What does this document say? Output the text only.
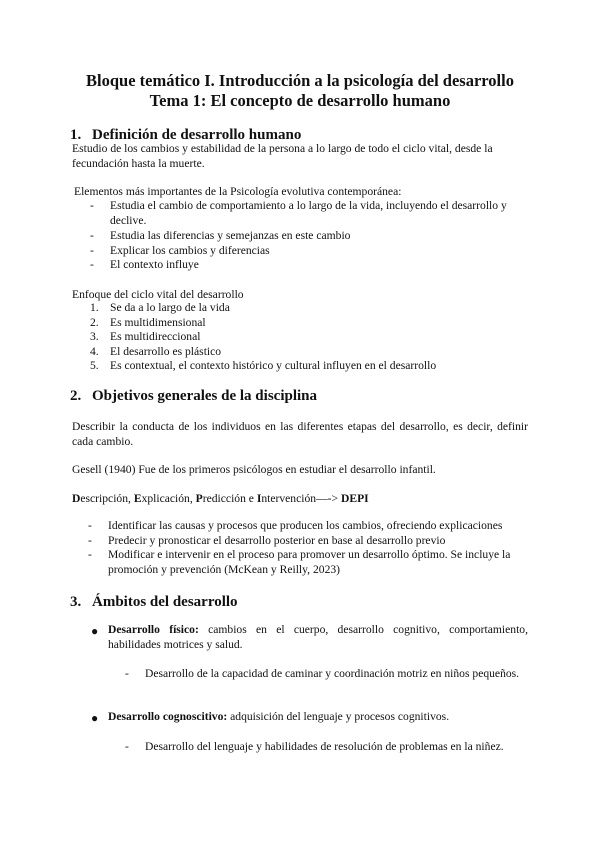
Bloque temático I. Introducción a la psicología del desarrollo
Tema 1: El concepto de desarrollo humano
1. Definición de desarrollo humano
Estudio de los cambios y estabilidad de la persona a lo largo de todo el ciclo vital, desde la
fecundación hasta la muerte.
Elementos más importantes de la Psicología evolutiva contemporánea:
- Estudia el cambio de comportamiento a lo largo de la vida, incluyendo el desarrollo y declive.
- Estudia las diferencias y semejanzas en este cambio
- Explicar los cambios y diferencias
- El contexto influye
Enfoque del ciclo vital del desarrollo
1. Se da a lo largo de la vida
2. Es multidimensional
3. Es multidireccional
4. El desarrollo es plástico
5. Es contextual, el contexto histórico y cultural influyen en el desarrollo
2. Objetivos generales de la disciplina
Describir la conducta de los individuos en las diferentes etapas del desarrollo, es decir, definir cada cambio.
Gesell (1940) Fue de los primeros psicólogos en estudiar el desarrollo infantil.
Descripción, Explicación, Predicción e Intervención—-> DEPI
- Identificar las causas y procesos que producen los cambios, ofreciendo explicaciones
- Predecir y pronosticar el desarrollo posterior en base al desarrollo previo
- Modificar e intervenir en el proceso para promover un desarrollo óptimo. Se incluye la promoción y prevención (McKean y Reilly, 2023)
3. Ámbitos del desarrollo
● Desarrollo físico: cambios en el cuerpo, desarrollo cognitivo, comportamiento, habilidades motrices y salud.
- Desarrollo de la capacidad de caminar y coordinación motriz en niños pequeños.
● Desarrollo cognoscitivo: adquisición del lenguaje y procesos cognitivos.
- Desarrollo del lenguaje y habilidades de resolución de problemas en la niñez.
